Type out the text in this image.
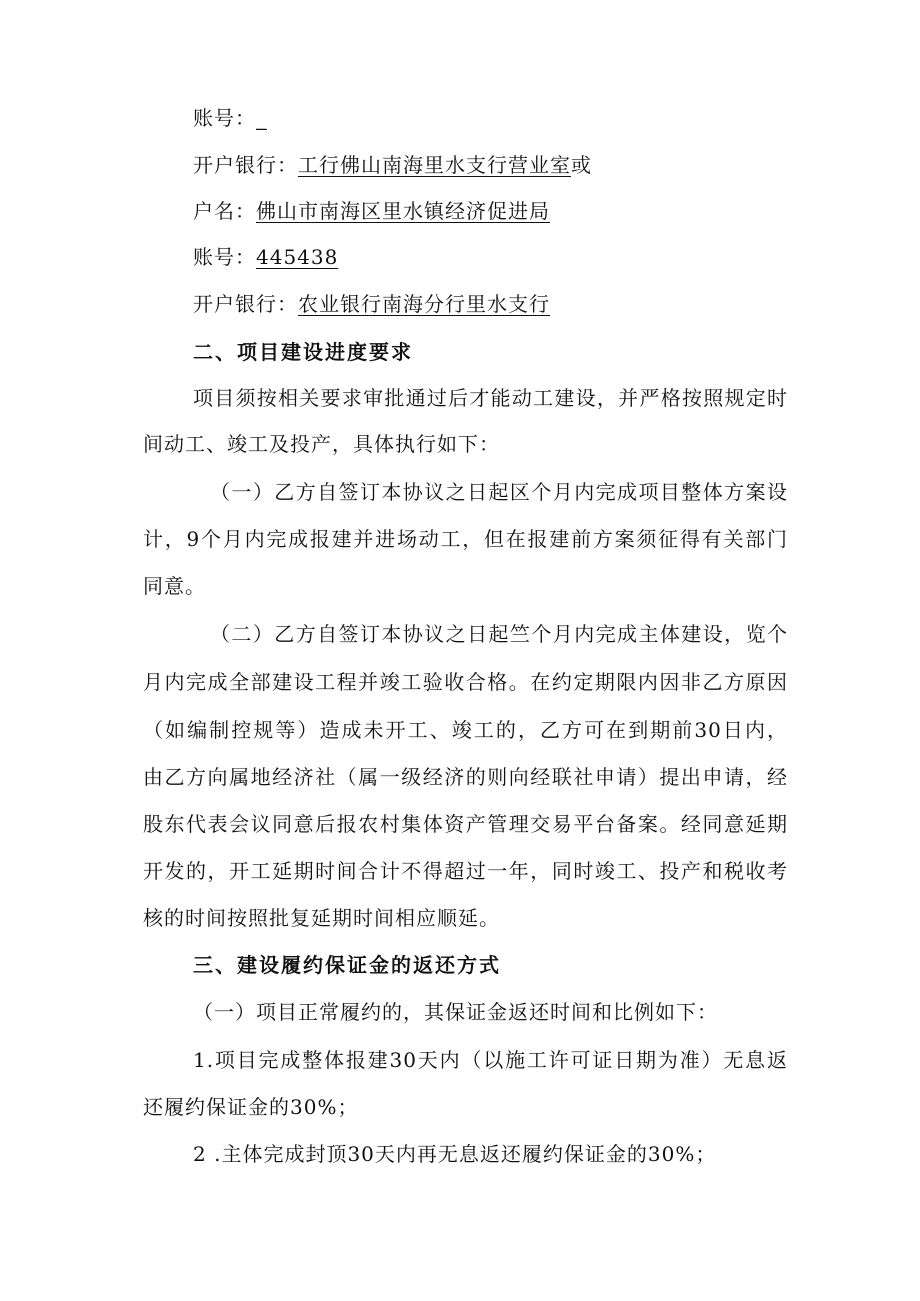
账号：_
开户银行：工行佛山南海里水支行营业室或
户名：佛山市南海区里水镇经济促进局
账号：445438
开户银行：农业银行南海分行里水支行
二、项目建设进度要求
项目须按相关要求审批通过后才能动工建设，并严格按照规定时
间动工、竣工及投产，具体执行如下：
（一）乙方自签订本协议之日起区个月内完成项目整体方案设
计，9个月内完成报建并进场动工，但在报建前方案须征得有关部门
同意。
（二）乙方自签订本协议之日起竺个月内完成主体建设，览个
月内完成全部建设工程并竣工验收合格。在约定期限内因非乙方原因
（如编制控规等）造成未开工、竣工的，乙方可在到期前30日内，
由乙方向属地经济社（属一级经济的则向经联社申请）提出申请，经
股东代表会议同意后报农村集体资产管理交易平台备案。经同意延期
开发的，开工延期时间合计不得超过一年，同时竣工、投产和税收考
核的时间按照批复延期时间相应顺延。
三、建设履约保证金的返还方式
（一）项目正常履约的，其保证金返还时间和比例如下：
1.项目完成整体报建30天内（以施工许可证日期为准）无息返
还履约保证金的30%；
2 .主体完成封顶30天内再无息返还履约保证金的30%；
